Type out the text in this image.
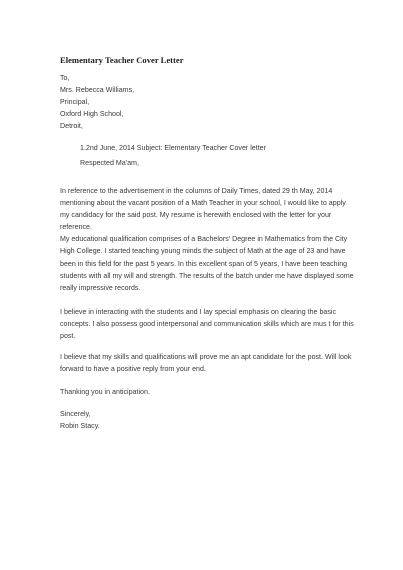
Elementary Teacher Cover Letter
To,
Mrs. Rebecca Williams,
Principal,
Oxford High School,
Detroit,
1.2nd June, 2014 Subject: Elementary Teacher Cover letter
Respected Ma'am,
In reference to the advertisement in the columns of Daily Times, dated 29 th May, 2014
mentioning about the vacant position of a Math Teacher in your school, I would like to apply
my candidacy for the said post. My resume is herewith enclosed with the letter for your
reference.
My educational qualification comprises of a Bachelors' Degree in Mathematics from the City
High College. I started teaching young minds the subject of Math at the age of 23 and have
been in this field for the past 5 years. In this excellent span of 5 years, I have been teaching
students with all my will and strength. The results of the batch under me have displayed some
really impressive records.
I believe in interacting with the students and I lay special emphasis on clearing the basic
concepts. I also possess good interpersonal and communication skills which are mus t for this
post.
I believe that my skills and qualifications will prove me an apt candidate for the post. Will look
forward to have a positive reply from your end.
Thanking you in anticipation.
Sincerely,
Robin Stacy.
